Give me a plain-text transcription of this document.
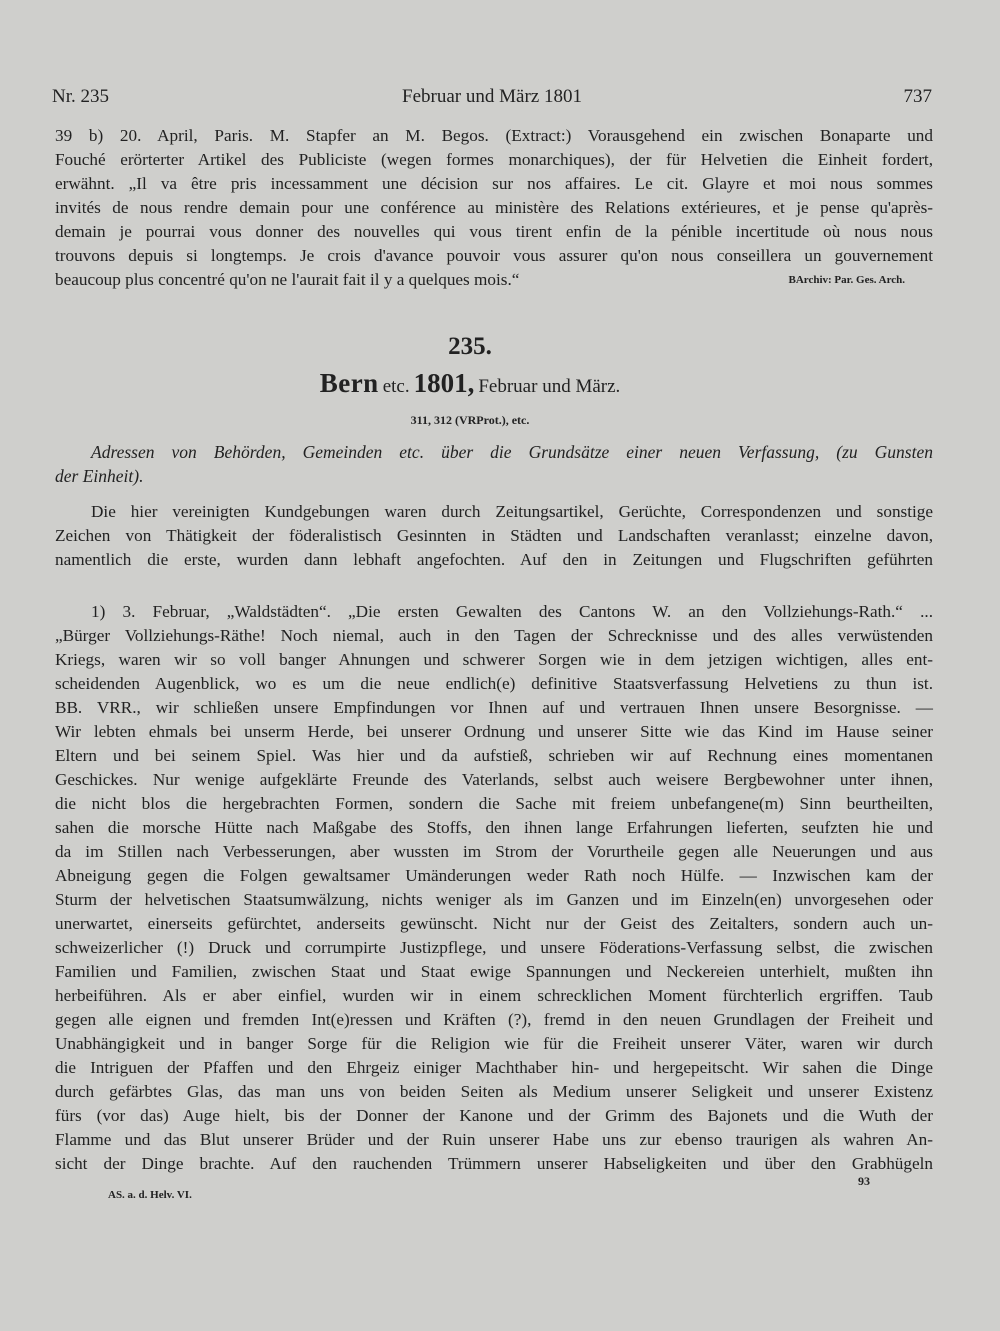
Nr. 235	Februar und März 1801	737
39 b) 20. April, Paris. M. Stapfer an M. Begos. (Extract:) Vorausgehend ein zwischen Bonaparte und
Fouché erörterter Artikel des Publiciste (wegen formes monarchiques), der für Helvetien die Einheit fordert,
erwähnt. „Il va être pris incessamment une décision sur nos affaires. Le cit. Glayre et moi nous sommes
invités de nous rendre demain pour une conférence au ministère des Relations extérieures, et je pense qu'après-
demain je pourrai vous donner des nouvelles qui vous tirent enfin de la pénible incertitude où nous nous
trouvons depuis si longtemps. Je crois d'avance pouvoir vous assurer qu'on nous conseillera un gouvernement
beaucoup plus concentré qu'on ne l'aurait fait il y a quelques mois.“	BArchiv: Par. Ges. Arch.
235.
Bern etc. 1801, Februar und März.
311, 312 (VRProt.), etc.
Adressen von Behörden, Gemeinden etc. über die Grundsätze einer neuen Verfassung, (zu Gunsten
der Einheit).
Die hier vereinigten Kundgebungen waren durch Zeitungsartikel, Gerüchte, Correspondenzen und sonstige
Zeichen von Thätigkeit der föderalistisch Gesinnten in Städten und Landschaften veranlasst; einzelne davon,
namentlich die erste, wurden dann lebhaft angefochten. Auf den in Zeitungen und Flugschriften geführten
1) 3. Februar, „Waldstädten“. „Die ersten Gewalten des Cantons W. an den Vollziehungs-Rath.“ ...
„Bürger Vollziehungs-Räthe! Noch niemal, auch in den Tagen der Schrecknisse und des alles verwüstenden
Kriegs, waren wir so voll banger Ahnungen und schwerer Sorgen wie in dem jetzigen wichtigen, alles ent-
scheidenden Augenblick, wo es um die neue endlich(e) definitive Staatsverfassung Helvetiens zu thun ist.
BB. VRR., wir schließen unsere Empfindungen vor Ihnen auf und vertrauen Ihnen unsere Besorgnisse. —
Wir lebten ehmals bei unserm Herde, bei unserer Ordnung und unserer Sitte wie das Kind im Hause seiner
Eltern und bei seinem Spiel. Was hier und da aufstieß, schrieben wir auf Rechnung eines momentanen
Geschickes. Nur wenige aufgeklärte Freunde des Vaterlands, selbst auch weisere Bergbewohner unter ihnen,
die nicht blos die hergebrachten Formen, sondern die Sache mit freiem unbefangene(m) Sinn beurtheilten,
sahen die morsche Hütte nach Maßgabe des Stoffs, den ihnen lange Erfahrungen lieferten, seufzten hie und
da im Stillen nach Verbesserungen, aber wussten im Strom der Vorurtheile gegen alle Neuerungen und aus
Abneigung gegen die Folgen gewaltsamer Umänderungen weder Rath noch Hülfe. — Inzwischen kam der
Sturm der helvetischen Staatsumwälzung, nichts weniger als im Ganzen und im Einzeln(en) unvorgesehen oder
unerwartet, einerseits gefürchtet, anderseits gewünscht. Nicht nur der Geist des Zeitalters, sondern auch un-
schweizerlicher (!) Druck und corrumpirte Justizpflege, und unsere Föderations-Verfassung selbst, die zwischen
Familien und Familien, zwischen Staat und Staat ewige Spannungen und Neckereien unterhielt, mußten ihn
herbeiführen. Als er aber einfiel, wurden wir in einem schrecklichen Moment fürchterlich ergriffen. Taub
gegen alle eignen und fremden Int(e)ressen und Kräften (?), fremd in den neuen Grundlagen der Freiheit und
Unabhängigkeit und in banger Sorge für die Religion wie für die Freiheit unserer Väter, waren wir durch
die Intriguen der Pfaffen und den Ehrgeiz einiger Machthaber hin- und hergepeitscht. Wir sahen die Dinge
durch gefärbtes Glas, das man uns von beiden Seiten als Medium unserer Seligkeit und unserer Existenz
fürs (vor das) Auge hielt, bis der Donner der Kanone und der Grimm des Bajonets und die Wuth der
Flamme und das Blut unserer Brüder und der Ruin unserer Habe uns zur ebenso traurigen als wahren An-
sicht der Dinge brachte. Auf den rauchenden Trümmern unserer Habseligkeiten und über den Grabhügeln
93
AS. a. d. Helv. VI.
